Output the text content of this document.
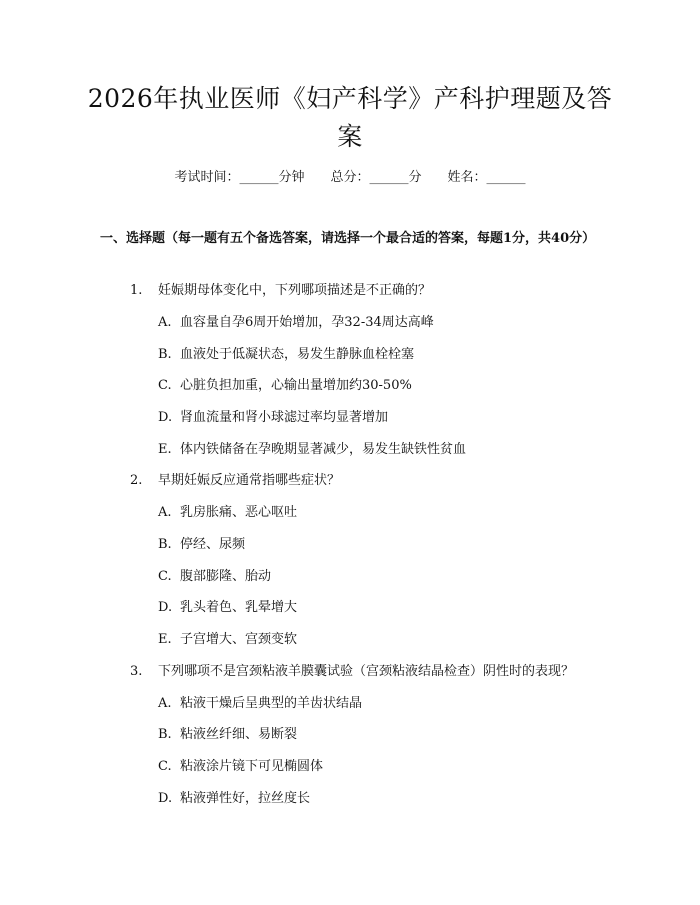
2026年执业医师《妇产科学》产科护理题及答案
考试时间：______分钟 总分：______分 姓名：______
一、选择题（每一题有五个备选答案，请选择一个最合适的答案，每题1分，共40分）
1. 妊娠期母体变化中，下列哪项描述是不正确的？
A. 血容量自孕6周开始增加，孕32-34周达高峰
B. 血液处于低凝状态，易发生静脉血栓栓塞
C. 心脏负担加重，心输出量增加约30-50%
D. 肾血流量和肾小球滤过率均显著增加
E. 体内铁储备在孕晚期显著减少，易发生缺铁性贫血
2. 早期妊娠反应通常指哪些症状？
A. 乳房胀痛、恶心呕吐
B. 停经、尿频
C. 腹部膨隆、胎动
D. 乳头着色、乳晕增大
E. 子宫增大、宫颈变软
3. 下列哪项不是宫颈粘液羊膜囊试验（宫颈粘液结晶检查）阴性时的表现？
A. 粘液干燥后呈典型的羊齿状结晶
B. 粘液丝纤细、易断裂
C. 粘液涂片镜下可见椭圆体
D. 粘液弹性好，拉丝度长
